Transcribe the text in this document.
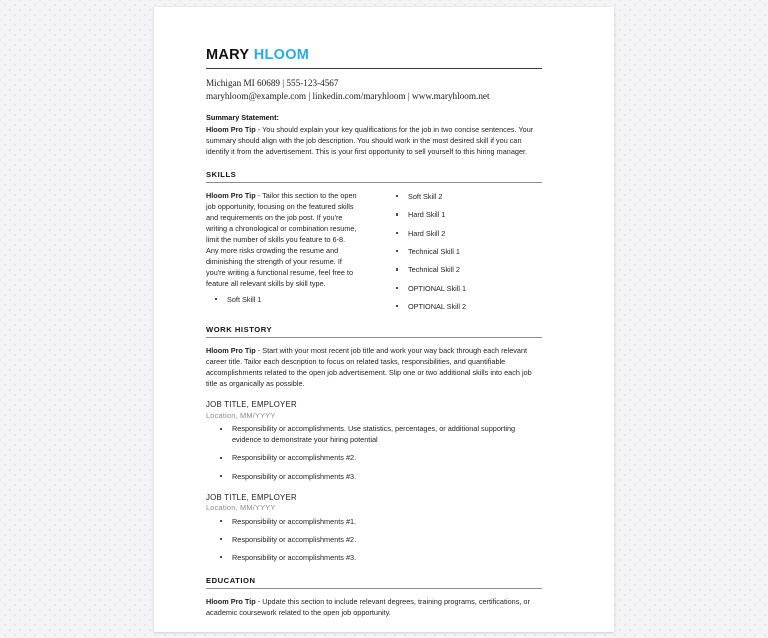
MARY HLOOM
Michigan MI 60689 | 555-123-4567
maryhloom@example.com | linkedin.com/maryhloom | www.maryhloom.net
Summary Statement:
Hloom Pro Tip - You should explain your key qualifications for the job in two concise sentences. Your summary should align with the job description. You should work in the most desired skill if you can identify it from the advertisement. This is your first opportunity to sell yourself to this hiring manager.
SKILLS
Hloom Pro Tip - Tailor this section to the open job opportunity, focusing on the featured skills and requirements on the job post. If you're writing a chronological or combination resume, limit the number of skills you feature to 6-8. Any more risks crowding the resume and diminishing the strength of your resume. If you're writing a functional resume, feel free to feature all relevant skills by skill type.
Soft Skill 1
Soft Skill 2
Hard Skill 1
Hard Skill 2
Technical Skill 1
Technical Skill 2
OPTIONAL Skill 1
OPTIONAL Skill 2
WORK HISTORY
Hloom Pro Tip - Start with your most recent job title and work your way back through each relevant career title. Tailor each description to focus on related tasks, responsibilities, and quantifiable accomplishments related to the open job advertisement. Slip one or two additional skills into each job title as organically as possible.
JOB TITLE, EMPLOYER
Location, MM/YYYY
Responsibility or accomplishments. Use statistics, percentages, or additional supporting evidence to demonstrate your hiring potential
Responsibility or accomplishments #2.
Responsibility or accomplishments #3.
JOB TITLE, EMPLOYER
Location, MM/YYYY
Responsibility or accomplishments #1.
Responsibility or accomplishments #2.
Responsibility or accomplishments #3.
EDUCATION
Hloom Pro Tip - Update this section to include relevant degrees, training programs, certifications, or academic coursework related to the open job opportunity.
